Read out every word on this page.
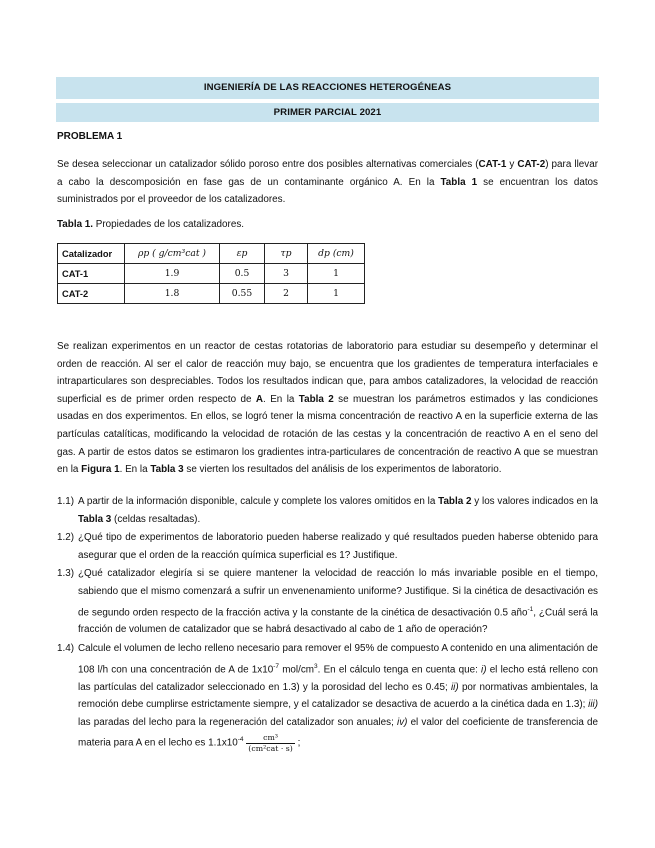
INGENIERÍA DE LAS REACCIONES HETEROGÉNEAS
PRIMER PARCIAL 2021
PROBLEMA 1
Se desea seleccionar un catalizador sólido poroso entre dos posibles alternativas comerciales (CAT-1 y CAT-2) para llevar a cabo la descomposición en fase gas de un contaminante orgánico A. En la Tabla 1 se encuentran los datos suministrados por el proveedor de los catalizadores.
Tabla 1. Propiedades de los catalizadores.
Catalizador	ρp ( g/cm³cat )	εp	τp	dp (cm)
CAT-1	1.9	0.5	3	1
CAT-2	1.8	0.55	2	1
Se realizan experimentos en un reactor de cestas rotatorias de laboratorio para estudiar su desempeño y determinar el orden de reacción. Al ser el calor de reacción muy bajo, se encuentra que los gradientes de temperatura interfaciales e intraparticulares son despreciables. Todos los resultados indican que, para ambos catalizadores, la velocidad de reacción superficial es de primer orden respecto de A. En la Tabla 2 se muestran los parámetros estimados y las condiciones usadas en dos experimentos. En ellos, se logró tener la misma concentración de reactivo A en la superficie externa de las partículas catalíticas, modificando la velocidad de rotación de las cestas y la concentración de reactivo A en el seno del gas. A partir de estos datos se estimaron los gradientes intra-particulares de concentración de reactivo A que se muestran en la Figura 1. En la Tabla 3 se vierten los resultados del análisis de los experimentos de laboratorio.
1.1) A partir de la información disponible, calcule y complete los valores omitidos en la Tabla 2 y los valores indicados en la Tabla 3 (celdas resaltadas).
1.2) ¿Qué tipo de experimentos de laboratorio pueden haberse realizado y qué resultados pueden haberse obtenido para asegurar que el orden de la reacción química superficial es 1? Justifique.
1.3) ¿Qué catalizador elegiría si se quiere mantener la velocidad de reacción lo más invariable posible en el tiempo, sabiendo que el mismo comenzará a sufrir un envenenamiento uniforme? Justifique. Si la cinética de desactivación es de segundo orden respecto de la fracción activa y la constante de la cinética de desactivación 0.5 año$^{-1}$, ¿Cuál será la fracción de volumen de catalizador que se habrá desactivado al cabo de 1 año de operación?
1.4) Calcule el volumen de lecho relleno necesario para remover el 95% de compuesto A contenido en una alimentación de 108 l/h con una concentración de A de $1x10^{-7}$ mol/$cm^3$. En el cálculo tenga en cuenta que: i) el lecho está relleno con las partículas del catalizador seleccionado en 1.3) y la porosidad del lecho es 0.45; ii) por normativas ambientales, la remoción debe cumplirse estrictamente siempre, y el catalizador se desactiva de acuerdo a la cinética dada en 1.3); iii) las paradas del lecho para la regeneración del catalizador son anuales; iv) el valor del coeficiente de transferencia de materia para A en el lecho es $1.1x10^{-4} \frac{\text{cm³}}{\text{(cm²cat · s)}}$ ;
